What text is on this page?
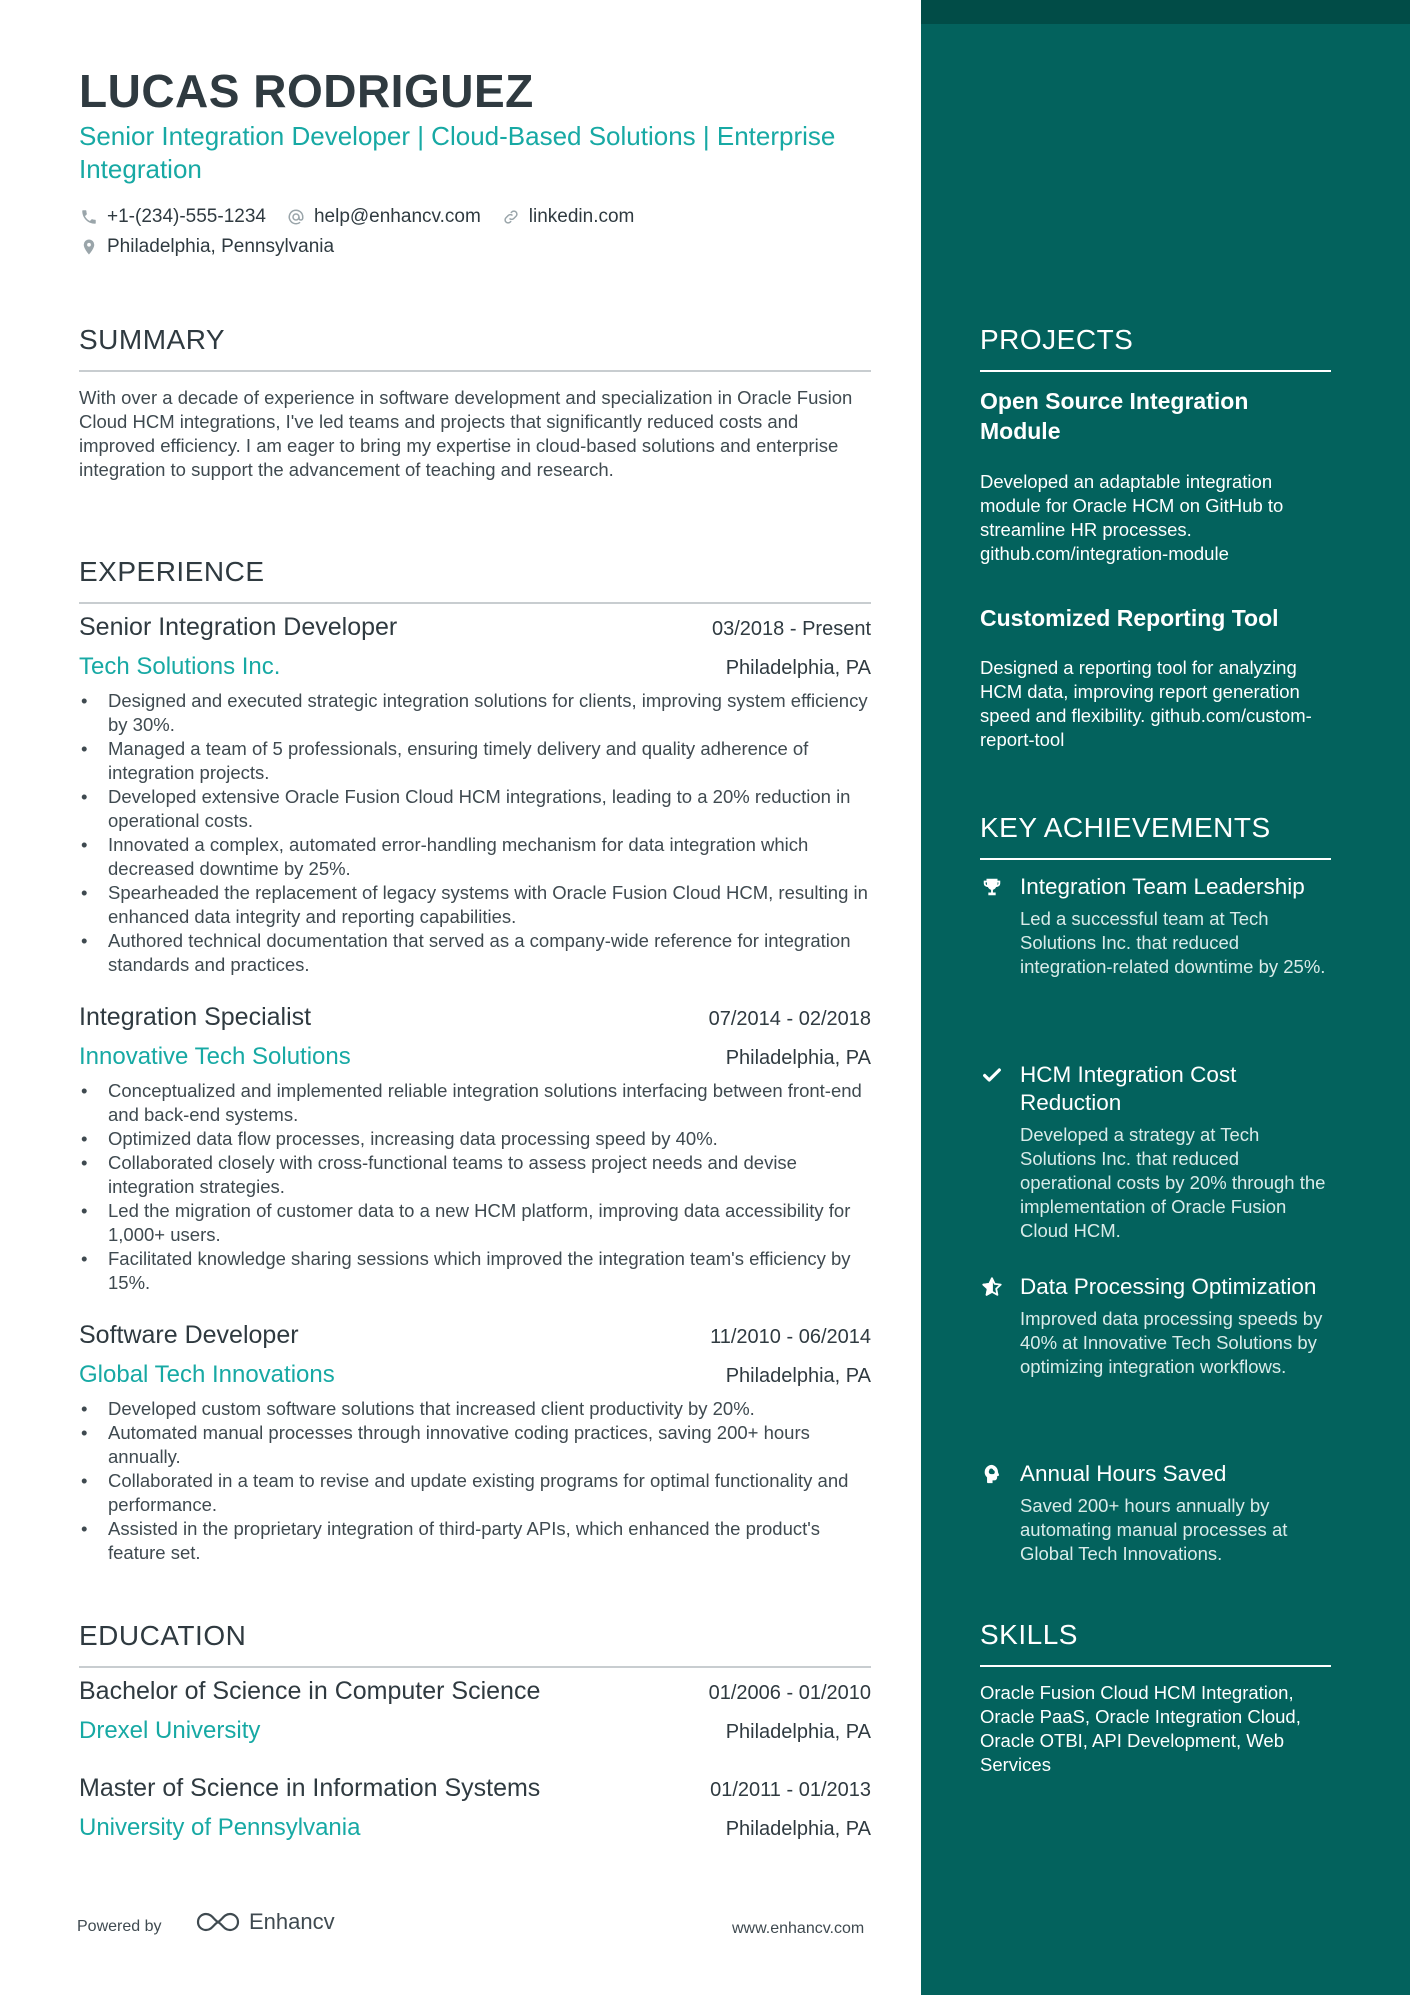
LUCAS RODRIGUEZ
Senior Integration Developer | Cloud-Based Solutions | Enterprise Integration
+1-(234)-555-1234	help@enhancv.com	linkedin.com
Philadelphia, Pennsylvania
SUMMARY
With over a decade of experience in software development and specialization in Oracle Fusion Cloud HCM integrations, I've led teams and projects that significantly reduced costs and improved efficiency. I am eager to bring my expertise in cloud-based solutions and enterprise integration to support the advancement of teaching and research.
EXPERIENCE
Senior Integration Developer	03/2018 - Present
Tech Solutions Inc.	Philadelphia, PA
• Designed and executed strategic integration solutions for clients, improving system efficiency by 30%.
• Managed a team of 5 professionals, ensuring timely delivery and quality adherence of integration projects.
• Developed extensive Oracle Fusion Cloud HCM integrations, leading to a 20% reduction in operational costs.
• Innovated a complex, automated error-handling mechanism for data integration which decreased downtime by 25%.
• Spearheaded the replacement of legacy systems with Oracle Fusion Cloud HCM, resulting in enhanced data integrity and reporting capabilities.
• Authored technical documentation that served as a company-wide reference for integration standards and practices.
Integration Specialist	07/2014 - 02/2018
Innovative Tech Solutions	Philadelphia, PA
• Conceptualized and implemented reliable integration solutions interfacing between front-end and back-end systems.
• Optimized data flow processes, increasing data processing speed by 40%.
• Collaborated closely with cross-functional teams to assess project needs and devise integration strategies.
• Led the migration of customer data to a new HCM platform, improving data accessibility for 1,000+ users.
• Facilitated knowledge sharing sessions which improved the integration team's efficiency by 15%.
Software Developer	11/2010 - 06/2014
Global Tech Innovations	Philadelphia, PA
• Developed custom software solutions that increased client productivity by 20%.
• Automated manual processes through innovative coding practices, saving 200+ hours annually.
• Collaborated in a team to revise and update existing programs for optimal functionality and performance.
• Assisted in the proprietary integration of third-party APIs, which enhanced the product's feature set.
EDUCATION
Bachelor of Science in Computer Science	01/2006 - 01/2010
Drexel University	Philadelphia, PA
Master of Science in Information Systems	01/2011 - 01/2013
University of Pennsylvania	Philadelphia, PA
Powered by	Enhancv	www.enhancv.com
PROJECTS
Open Source Integration Module
Developed an adaptable integration module for Oracle HCM on GitHub to streamline HR processes. github.com/integration-module
Customized Reporting Tool
Designed a reporting tool for analyzing HCM data, improving report generation speed and flexibility. github.com/custom-report-tool
KEY ACHIEVEMENTS
Integration Team Leadership
Led a successful team at Tech Solutions Inc. that reduced integration-related downtime by 25%.
HCM Integration Cost Reduction
Developed a strategy at Tech Solutions Inc. that reduced operational costs by 20% through the implementation of Oracle Fusion Cloud HCM.
Data Processing Optimization
Improved data processing speeds by 40% at Innovative Tech Solutions by optimizing integration workflows.
Annual Hours Saved
Saved 200+ hours annually by automating manual processes at Global Tech Innovations.
SKILLS
Oracle Fusion Cloud HCM Integration, Oracle PaaS, Oracle Integration Cloud, Oracle OTBI, API Development, Web Services
